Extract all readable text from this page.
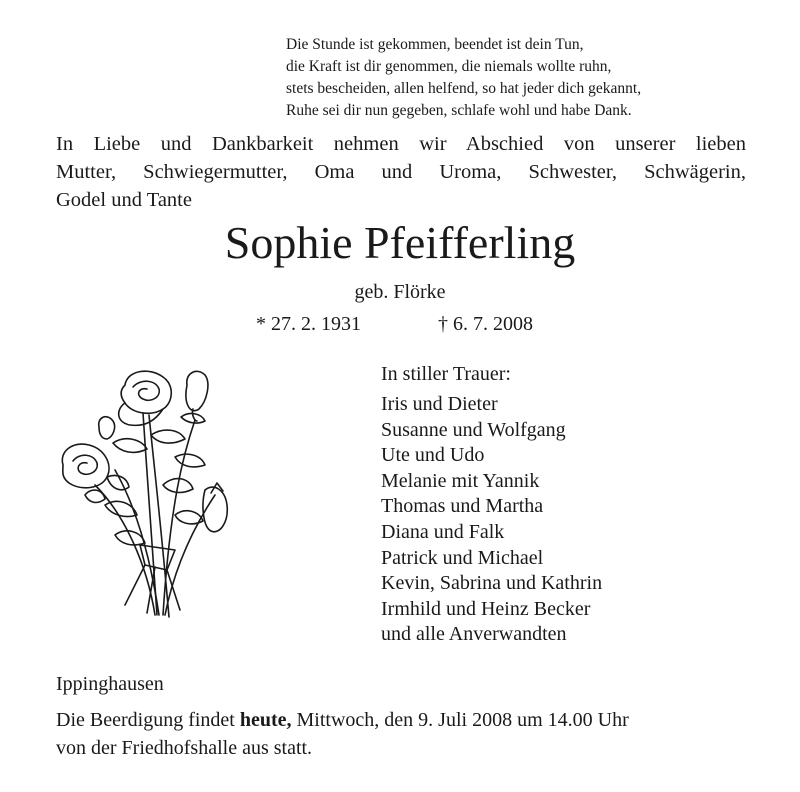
Die Stunde ist gekommen, beendet ist dein Tun,
die Kraft ist dir genommen, die niemals wollte ruhn,
stets bescheiden, allen helfend, so hat jeder dich gekannt,
Ruhe sei dir nun gegeben, schlafe wohl und habe Dank.
In Liebe und Dankbarkeit nehmen wir Abschied von unserer lieben
Mutter, Schwiegermutter, Oma und Uroma, Schwester, Schwägerin,
Godel und Tante
Sophie Pfeifferling
geb. Flörke
* 27. 2. 1931	† 6. 7. 2008
In stiller Trauer:
Iris und Dieter
Susanne und Wolfgang
Ute und Udo
Melanie mit Yannik
Thomas und Martha
Diana und Falk
Patrick und Michael
Kevin, Sabrina und Kathrin
Irmhild und Heinz Becker
und alle Anverwandten
Ippinghausen
Die Beerdigung findet heute, Mittwoch, den 9. Juli 2008 um 14.00 Uhr
von der Friedhofshalle aus statt.
